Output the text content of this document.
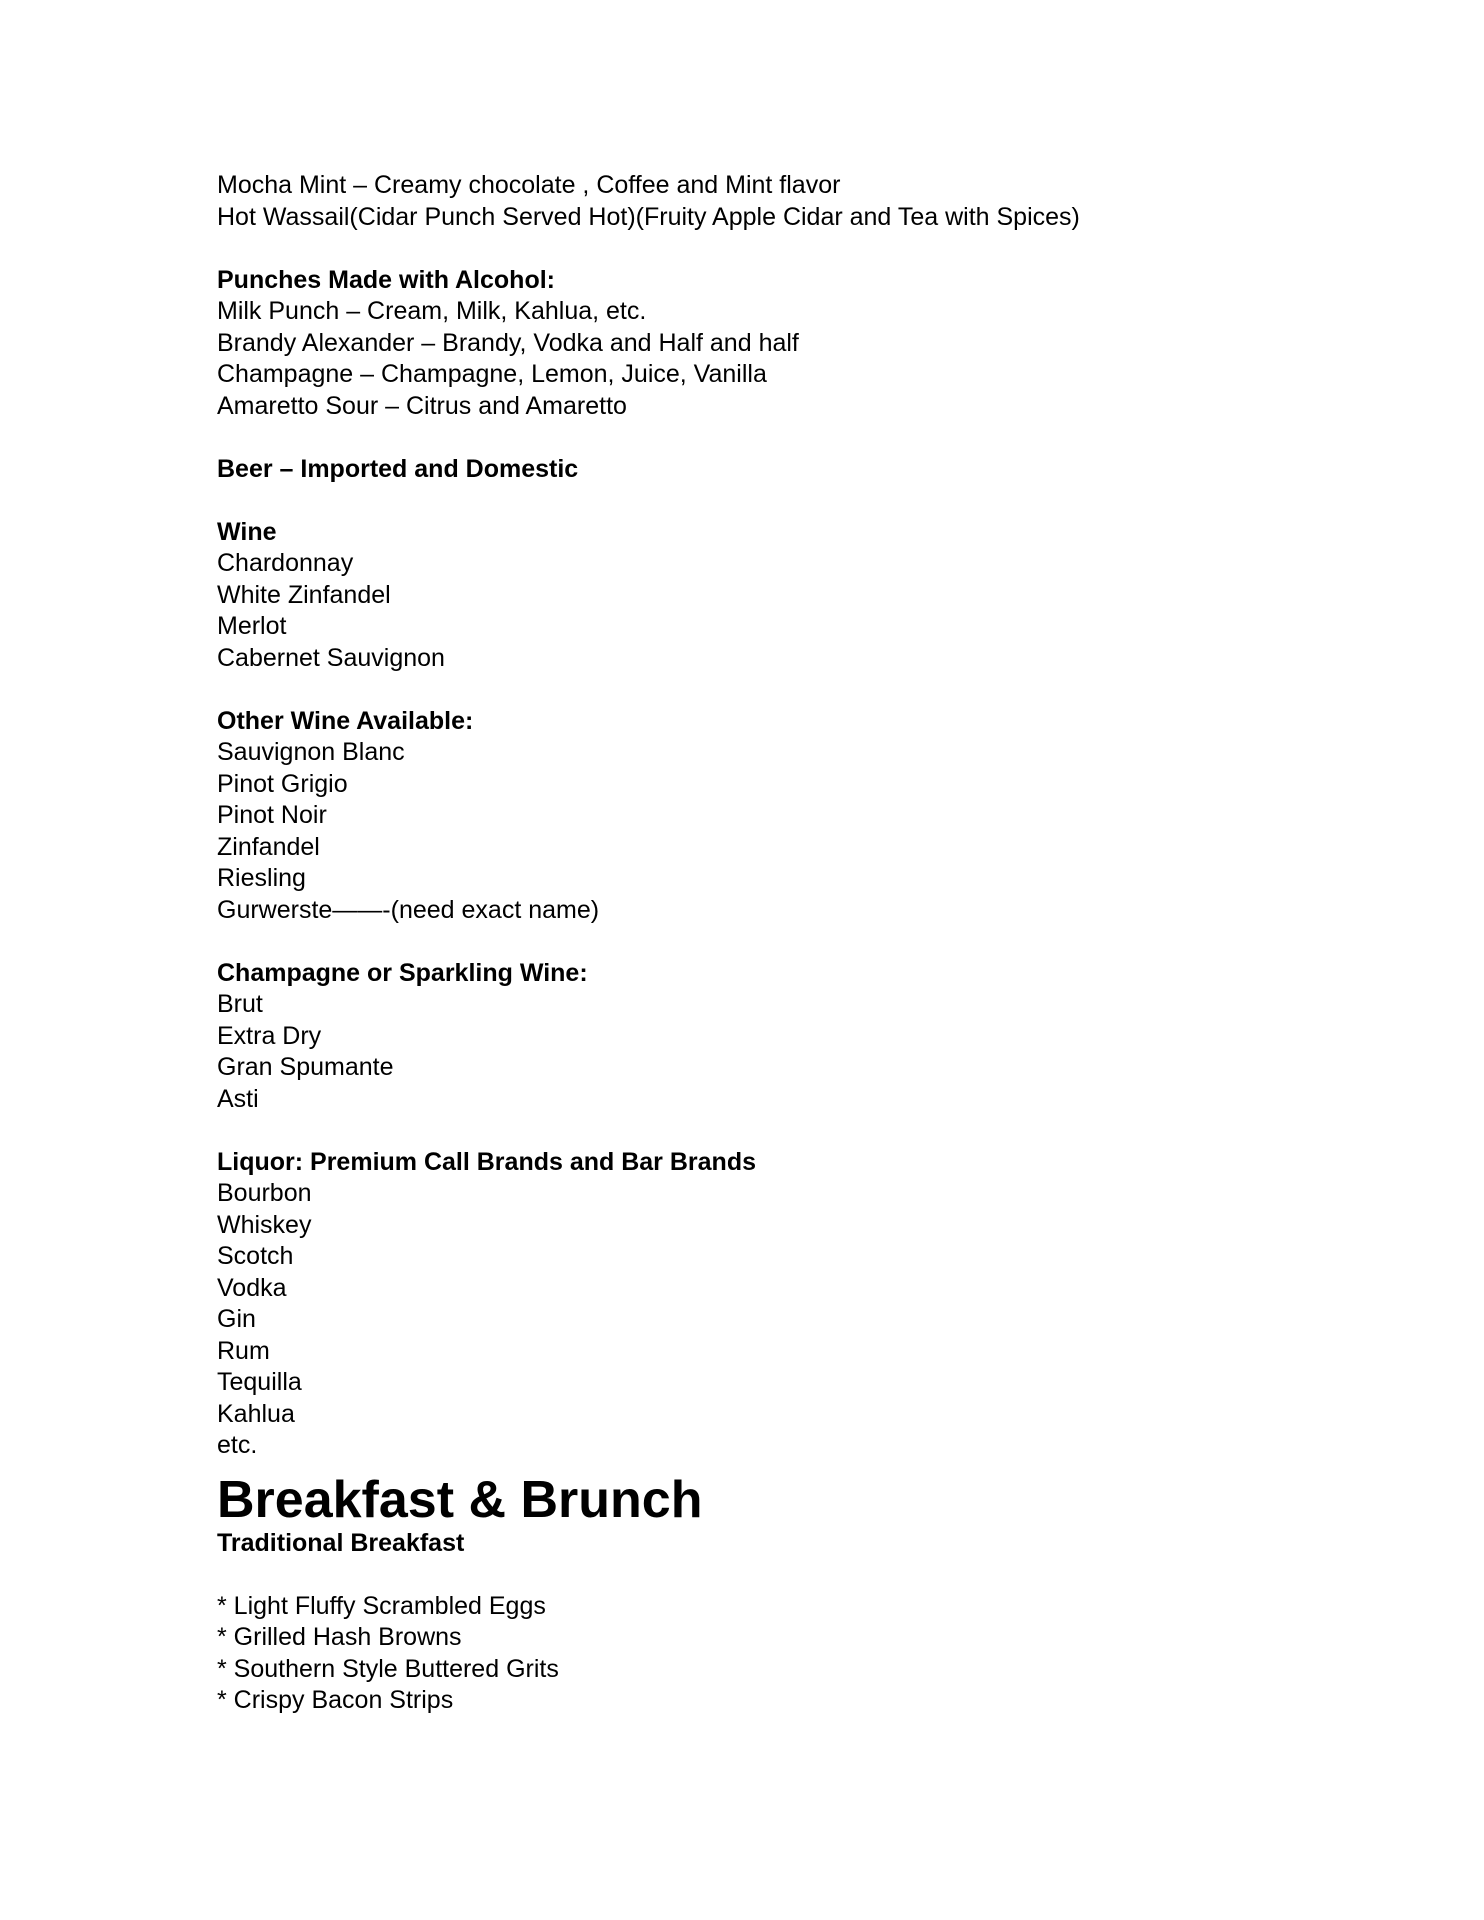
Mocha Mint – Creamy chocolate , Coffee and Mint flavor
Hot Wassail(Cidar Punch Served Hot)(Fruity Apple Cidar and Tea with Spices)
Punches Made with Alcohol:
Milk Punch – Cream, Milk, Kahlua, etc.
Brandy Alexander – Brandy, Vodka and Half and half
Champagne – Champagne, Lemon, Juice, Vanilla
Amaretto Sour – Citrus and Amaretto
Beer – Imported and Domestic
Wine
Chardonnay
White Zinfandel
Merlot
Cabernet Sauvignon
Other Wine Available:
Sauvignon Blanc
Pinot Grigio
Pinot Noir
Zinfandel
Riesling
Gurwerste——-(need exact name)
Champagne or Sparkling Wine:
Brut
Extra Dry
Gran Spumante
Asti
Liquor: Premium Call Brands and Bar Brands
Bourbon
Whiskey
Scotch
Vodka
Gin
Rum
Tequilla
Kahlua
etc.
Breakfast & Brunch
Traditional Breakfast
* Light Fluffy Scrambled Eggs
* Grilled Hash Browns
* Southern Style Buttered Grits
* Crispy Bacon Strips
